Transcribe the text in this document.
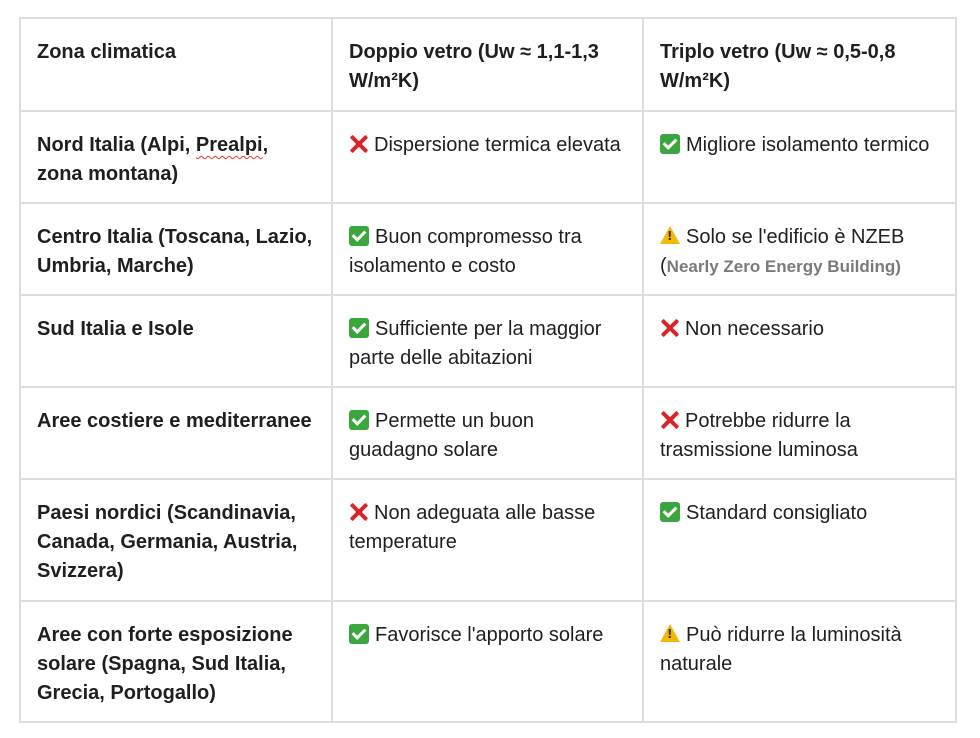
Zona climatica	Doppio vetro (Uw ≈ 1,1-1,3 W/m²K)	Triplo vetro (Uw ≈ 0,5-0,8 W/m²K)
Nord Italia (Alpi, Prealpi, zona montana)	Dispersione termica elevata	Migliore isolamento termico
Centro Italia (Toscana, Lazio, Umbria, Marche)	Buon compromesso tra isolamento e costo	!Solo se l'edificio è NZEB
(Nearly Zero Energy Building)
Sud Italia e Isole	Sufficiente per la maggior parte delle abitazioni	Non necessario
Aree costiere e mediterranee	Permette un buon guadagno solare	Potrebbe ridurre la trasmissione luminosa
Paesi nordici (Scandinavia, Canada, Germania, Austria, Svizzera)	Non adeguata alle basse temperature	Standard consigliato
Aree con forte esposizione solare (Spagna, Sud Italia, Grecia, Portogallo)	Favorisce l'apporto solare	!Può ridurre la luminosità naturale
